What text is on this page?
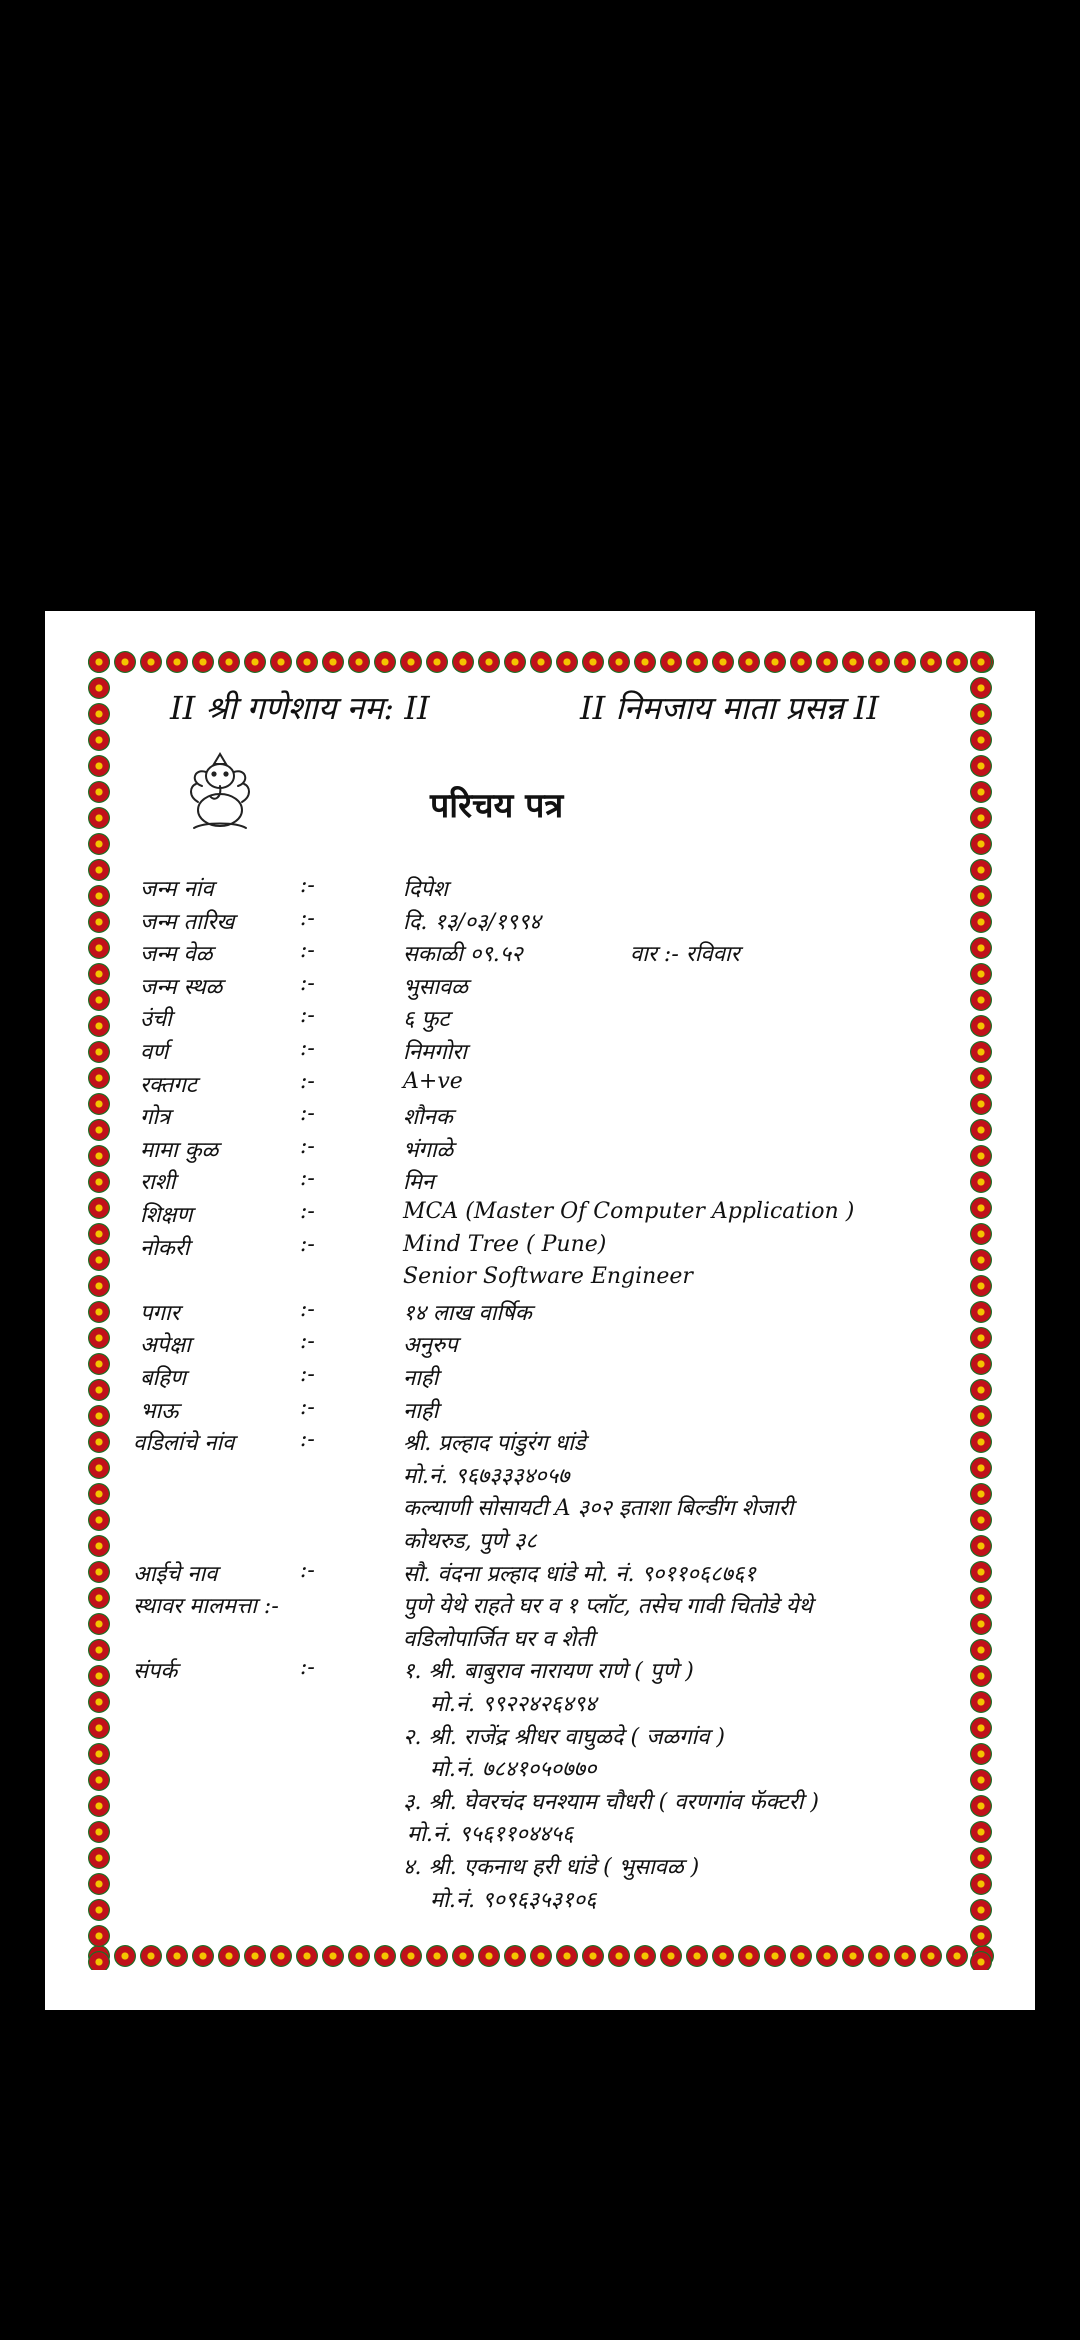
II श्री गणेशाय नम: II	II निमजाय माता प्रसन्न II
परिचय पत्र
जन्म नांव	:-	दिपेश
जन्म तारिख	:-	दि. १३/०३/१९९४
जन्म वेळ	:-	सकाळी ०९.५२	वार :- रविवार
जन्म स्थळ	:-	भुसावळ
उंची	:-	६ फुट
वर्ण	:-	निमगोरा
रक्तगट	:-	A+ve
गोत्र	:-	शौनक
मामा कुळ	:-	भंगाळे
राशी	:-	मिन
शिक्षण	:-	MCA (Master Of Computer Application )
नोकरी	:-	Mind Tree ( Pune)
Senior Software Engineer
पगार	:-	१४ लाख वार्षिक
अपेक्षा	:-	अनुरुप
बहिण	:-	नाही
भाऊ	:-	नाही
वडिलांचे नांव	:-	श्री. प्रल्हाद पांडुरंग धांडे
मो.नं. ९६७३३३४०५७
कल्याणी सोसायटी A ३०२ इताशा बिल्डींग शेजारी
कोथरुड, पुणे ३८
आईचे नाव	:-	सौ. वंदना प्रल्हाद धांडे मो. नं. ९०११०६८७६१
स्थावर मालमत्ता :-	पुणे येथे राहते घर व १ प्लॉट, तसेच गावी चितोडे येथे
वडिलोपार्जित घर व शेती
संपर्क	:-	१. श्री. बाबुराव नारायण राणे ( पुणे )
मो.नं. ९९२२४२६४९४
२. श्री. राजेंद्र श्रीधर वाघुळदे ( जळगांव )
मो.नं. ७८४१०५०७७०
३. श्री. घेवरचंद घनश्याम चौधरी ( वरणगांव फॅक्टरी )
मो.नं. ९५६११०४४५६
४. श्री. एकनाथ हरी धांडे ( भुसावळ )
मो.नं. ९०९६३५३१०६
